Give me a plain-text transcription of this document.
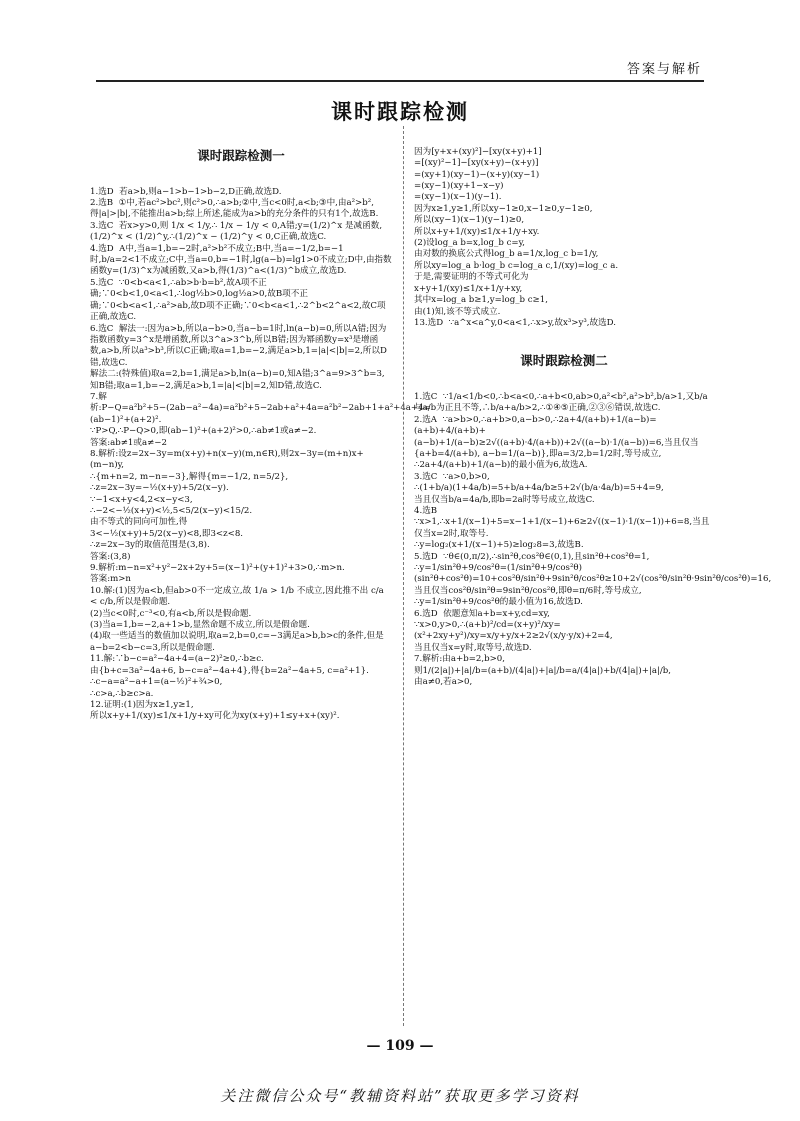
答案与解析
课时跟踪检测

课时跟踪检测一

1.选D  若a>b,则a−1>b−1>b−2,D正确,故选D.
2.选B  ①中,若ac²>bc²,则c²>0,∴a>b;②中,当c<0时,a<b;③中,由a²>b²,得|a|>|b|,不能推出a>b;综上所述,能成为a>b的充分条件的只有1个,故选B.
3.选C  若x>y>0,则 1/x < 1/y,∴ 1/x − 1/y < 0,A错;y=(1/2)^x 是减函数,(1/2)^x < (1/2)^y,∴(1/2)^x − (1/2)^y < 0,C正确,故选C.
4.选D  A中,当a=1,b=−2时,a²>b²不成立;B中,当a=−1/2,b=−1时,b/a=2<1不成立;C中,当a=0,b=−1时,lg(a−b)=lg1>0不成立;D中,由指数函数y=(1/3)^x为减函数,又a>b,得(1/3)^a<(1/3)^b成立,故选D.
5.选C  ∵0<b<a<1,∴ab>b·b=b²,故A项不正确;∵0<b<1,0<a<1,∴log½b>0,log½a>0,故B项不正确;∵0<b<a<1,∴a²>ab,故D项不正确;∵0<b<a<1,∴2^b<2^a<2,故C项正确,故选C.
6.选C  解法一:因为a>b,所以a−b>0,当a−b=1时,ln(a−b)=0,所以A错;因为指数函数y=3^x是增函数,所以3^a>3^b,所以B错;因为幂函数y=x³是增函数,a>b,所以a³>b³,所以C正确;取a=1,b=−2,满足a>b,1=|a|<|b|=2,所以D错,故选C.
解法二:(特殊值)取a=2,b=1,满足a>b,ln(a−b)=0,知A错;3^a=9>3^b=3,知B错;取a=1,b=−2,满足a>b,1=|a|<|b|=2,知D错,故选C.
7.解析:P−Q=a²b²+5−(2ab−a²−4a)=a²b²+5−2ab+a²+4a=a²b²−2ab+1+a²+4a+4=(ab−1)²+(a+2)².
∵P>Q,∴P−Q>0,即(ab−1)²+(a+2)²>0,∴ab≠1或a≠−2.
答案:ab≠1或a≠−2
8.解析:设z=2x−3y=m(x+y)+n(x−y)(m,n∈R),则2x−3y=(m+n)x+(m−n)y,
∴{m+n=2, m−n=−3},解得{m=−1/2, n=5/2},
∴z=2x−3y=−½(x+y)+5/2(x−y).
∵−1<x+y<4,2<x−y<3,
∴−2<−½(x+y)<½,5<5/2(x−y)<15/2.
由不等式的同向可加性,得
3<−½(x+y)+5/2(x−y)<8,即3<z<8.
∴z=2x−3y的取值范围是(3,8).
答案:(3,8)
9.解析:m−n=x²+y²−2x+2y+5=(x−1)²+(y+1)²+3>0,∴m>n.
答案:m>n
10.解:(1)因为a<b,但ab>0不一定成立,故 1/a > 1/b 不成立,因此推不出 c/a < c/b,所以是假命题.
(2)当c<0时,c⁻³<0,有a<b,所以是假命题.
(3)当a=1,b=−2,a+1>b,显然命题不成立,所以是假命题.
(4)取一些适当的数值加以说明,取a=2,b=0,c=−3满足a>b,b>c的条件,但是a−b=2<b−c=3,所以是假命题.
11.解:∵b−c=a²−4a+4=(a−2)²≥0,∴b≥c.
由{b+c=3a²−4a+6, b−c=a²−4a+4},得{b=2a²−4a+5, c=a²+1}.
∴c−a=a²−a+1=(a−½)²+¾>0,
∴c>a,∴b≥c>a.
12.证明:(1)因为x≥1,y≥1,
所以x+y+1/(xy)≤1/x+1/y+xy可化为xy(x+y)+1≤y+x+(xy)².

因为[y+x+(xy)²]−[xy(x+y)+1]
=[(xy)²−1]−[xy(x+y)−(x+y)]
=(xy+1)(xy−1)−(x+y)(xy−1)
=(xy−1)(xy+1−x−y)
=(xy−1)(x−1)(y−1).
因为x≥1,y≥1,所以xy−1≥0,x−1≥0,y−1≥0,
所以(xy−1)(x−1)(y−1)≥0,
所以x+y+1/(xy)≤1/x+1/y+xy.
(2)设log_a b=x,log_b c=y,
由对数的换底公式得log_b a=1/x,log_c b=1/y,
所以xy=log_a b·log_b c=log_a c,1/(xy)=log_c a.
于是,需要证明的不等式可化为
x+y+1/(xy)≤1/x+1/y+xy,
其中x=log_a b≥1,y=log_b c≥1,
由(1)知,该不等式成立.
13.选D  ∵a^x<a^y,0<a<1,∴x>y,故x³>y³,故选D.

课时跟踪检测二

1.选C  ∵1/a<1/b<0,∴b<a<0,∴a+b<0,ab>0,a²<b²,a²>b²,b/a>1,又b/a与a/b为正且不等,∴b/a+a/b>2,∴①④⑤正确,②③⑥错误,故选C.
2.选A  ∵a>b>0,∴a+b>0,a−b>0,∴2a+4/(a+b)+1/(a−b)=(a+b)+4/(a+b)+(a−b)+1/(a−b)≥2√((a+b)·4/(a+b))+2√((a−b)·1/(a−b))=6,当且仅当{a+b=4/(a+b), a−b=1/(a−b)},即a=3/2,b=1/2时,等号成立,
∴2a+4/(a+b)+1/(a−b)的最小值为6,故选A.
3.选C  ∵a>0,b>0,
∴(1+b/a)(1+4a/b)=5+b/a+4a/b≥5+2√(b/a·4a/b)=5+4=9,
当且仅当b/a=4a/b,即b=2a时等号成立,故选C.
4.选B  ∵x>1,∴x+1/(x−1)+5=x−1+1/(x−1)+6≥2√((x−1)·1/(x−1))+6=8,当且仅当x=2时,取等号.
∴y=log₂(x+1/(x−1)+5)≥log₂8=3,故选B.
5.选D  ∵θ∈(0,π/2),∴sin²θ,cos²θ∈(0,1),且sin²θ+cos²θ=1,
∴y=1/sin²θ+9/cos²θ=(1/sin²θ+9/cos²θ)(sin²θ+cos²θ)=10+cos²θ/sin²θ+9sin²θ/cos²θ≥10+2√(cos²θ/sin²θ·9sin²θ/cos²θ)=16,
当且仅当cos²θ/sin²θ=9sin²θ/cos²θ,即θ=π/6时,等号成立,
∴y=1/sin²θ+9/cos²θ的最小值为16,故选D.
6.选D  依题意知a+b=x+y,cd=xy,
∵x>0,y>0,∴(a+b)²/cd=(x+y)²/xy=(x²+2xy+y²)/xy=x/y+y/x+2≥2√(x/y·y/x)+2=4,
当且仅当x=y时,取等号,故选D.
7.解析:由a+b=2,b>0,
则1/(2|a|)+|a|/b=(a+b)/(4|a|)+|a|/b=a/(4|a|)+b/(4|a|)+|a|/b,
由a≠0,若a>0,

— 109 —
关注微信公众号“教辅资料站”获取更多学习资料
